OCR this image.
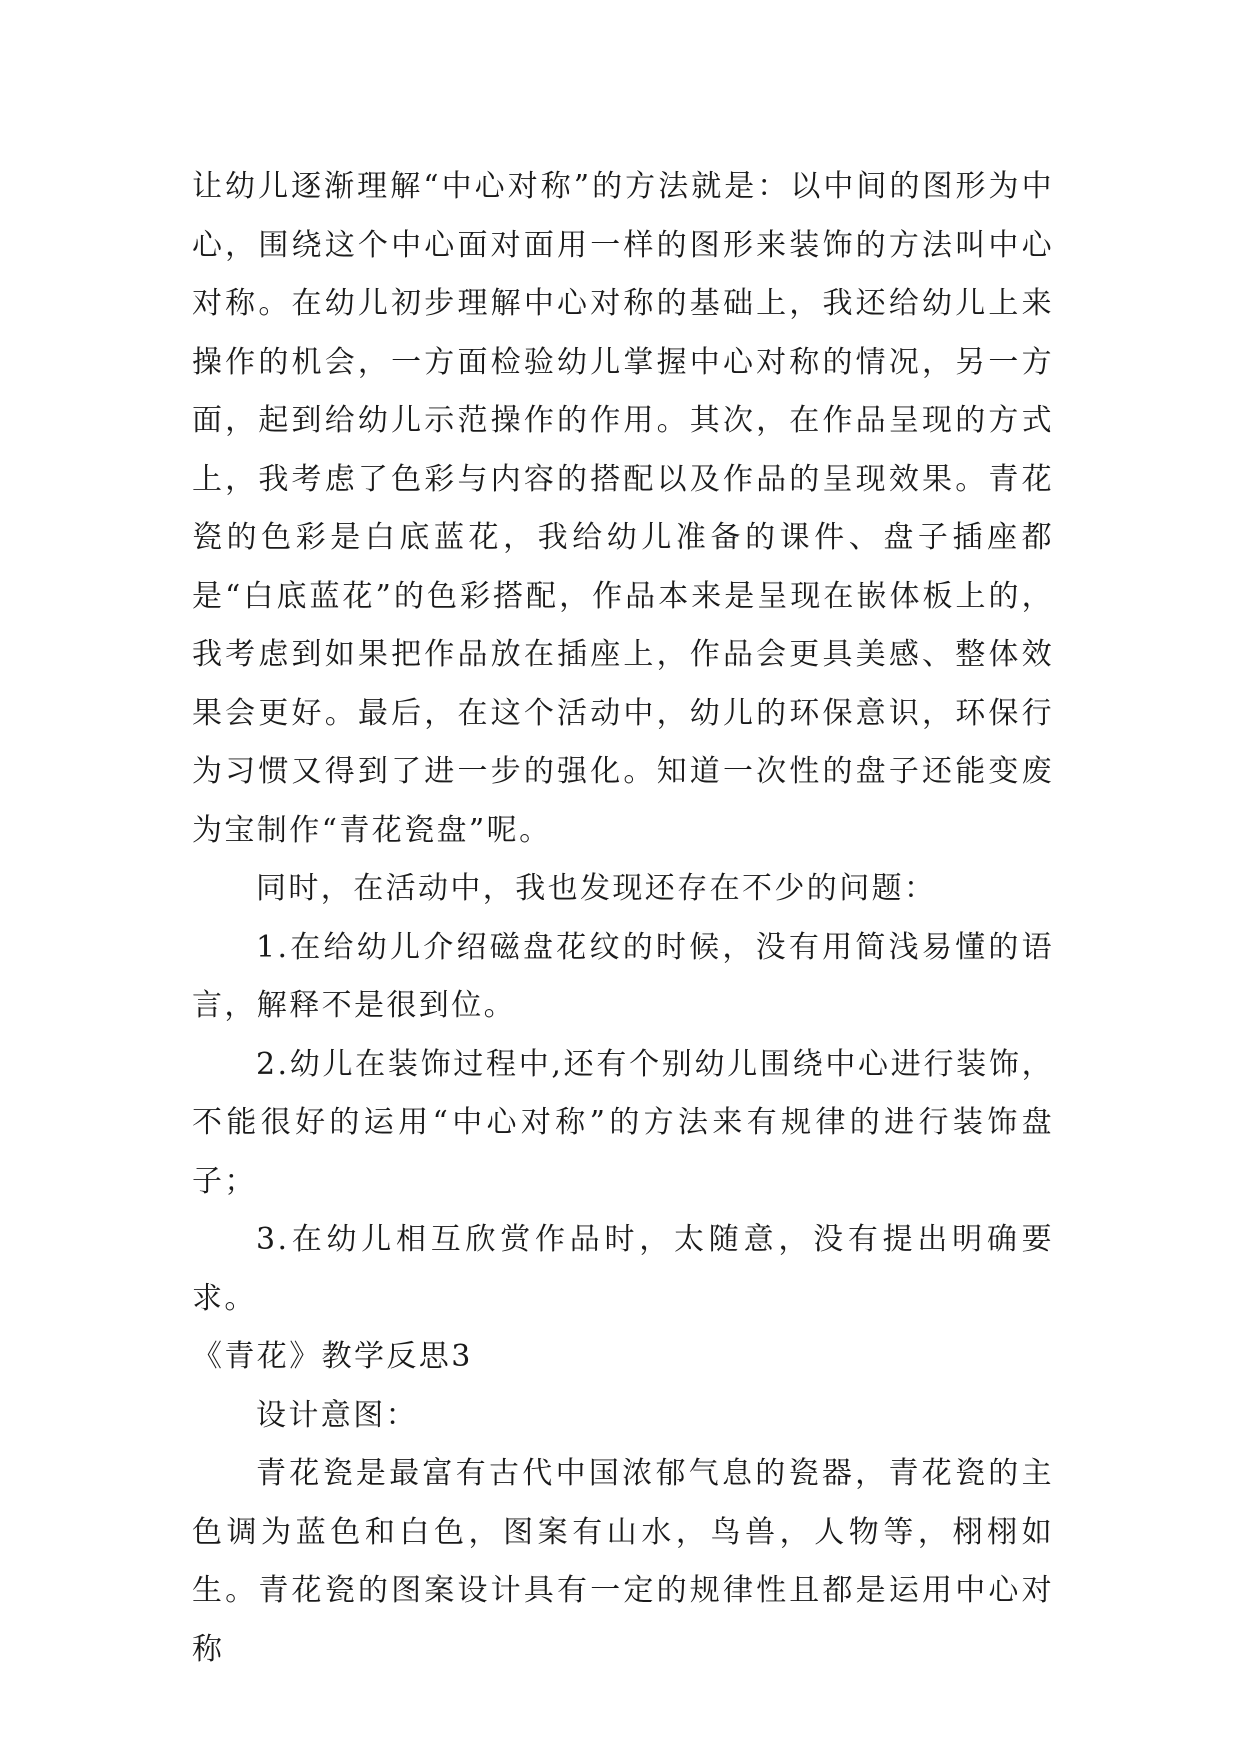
让幼儿逐渐理解“中心对称”的方法就是：以中间的图形为中心，围绕这个中心面对面用一样的图形来装饰的方法叫中心对称。在幼儿初步理解中心对称的基础上，我还给幼儿上来操作的机会，一方面检验幼儿掌握中心对称的情况，另一方面，起到给幼儿示范操作的作用。其次，在作品呈现的方式上，我考虑了色彩与内容的搭配以及作品的呈现效果。青花瓷的色彩是白底蓝花，我给幼儿准备的课件、盘子插座都是“白底蓝花”的色彩搭配，作品本来是呈现在嵌体板上的，我考虑到如果把作品放在插座上，作品会更具美感、整体效果会更好。最后，在这个活动中，幼儿的环保意识，环保行为习惯又得到了进一步的强化。知道一次性的盘子还能变废为宝制作“青花瓷盘”呢。

同时，在活动中，我也发现还存在不少的问题：

1.在给幼儿介绍磁盘花纹的时候，没有用简浅易懂的语言，解释不是很到位。

2.幼儿在装饰过程中,还有个别幼儿围绕中心进行装饰，不能很好的运用“中心对称”的方法来有规律的进行装饰盘子；

3.在幼儿相互欣赏作品时，太随意，没有提出明确要求。

《青花》教学反思3

设计意图：

青花瓷是最富有古代中国浓郁气息的瓷器，青花瓷的主色调为蓝色和白色，图案有山水，鸟兽，人物等，栩栩如生。青花瓷的图案设计具有一定的规律性且都是运用中心对称
